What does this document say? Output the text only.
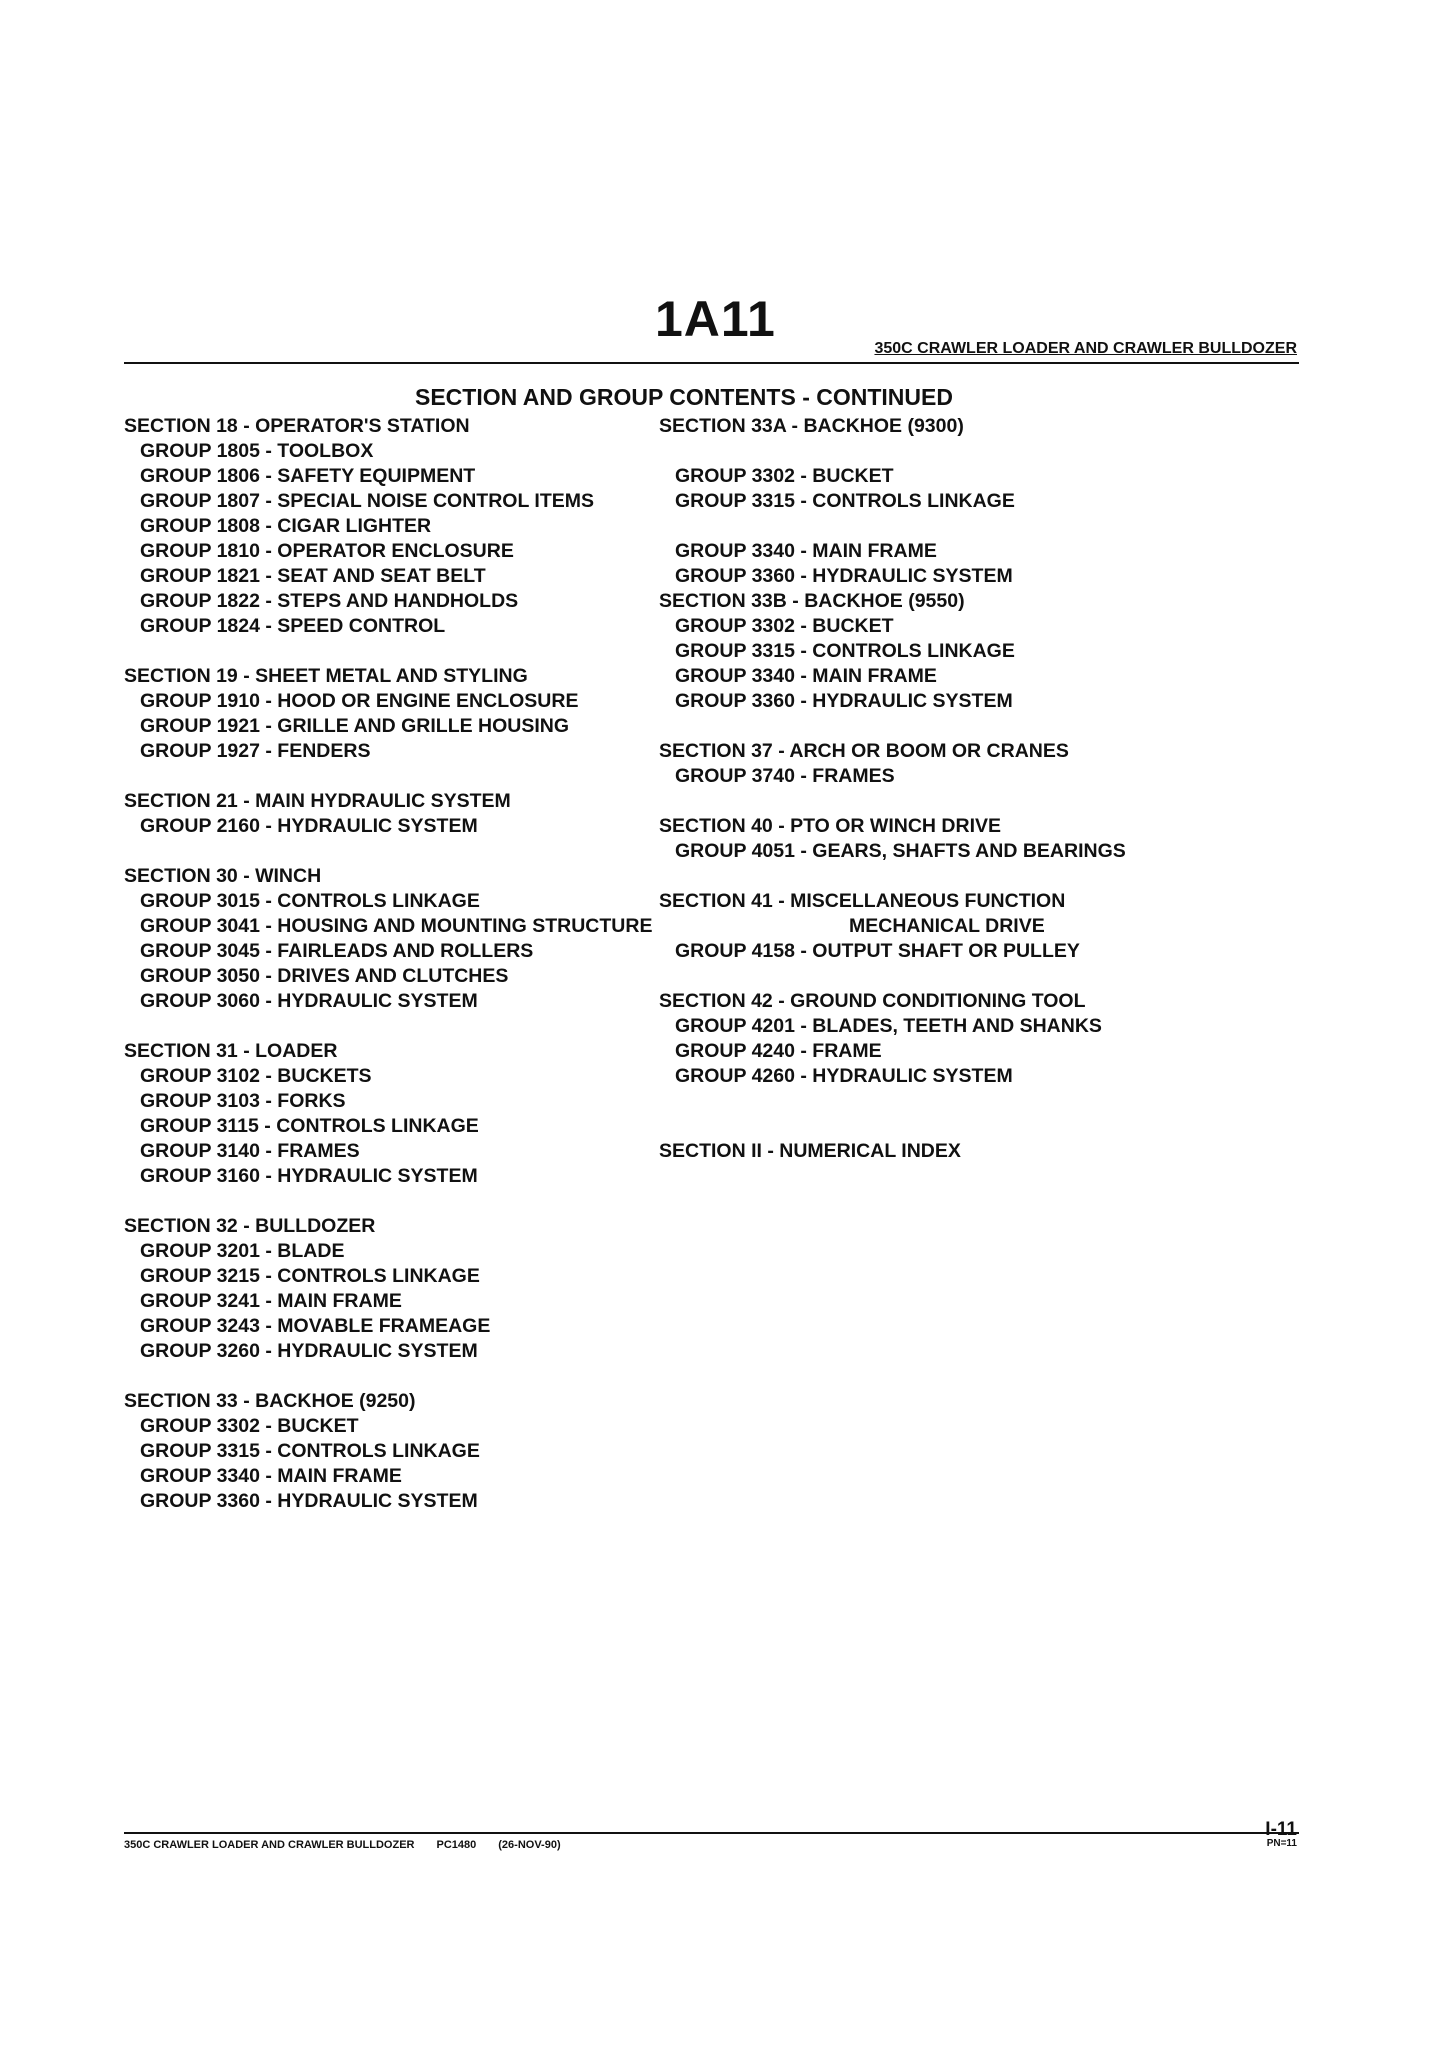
1A11
350C CRAWLER LOADER AND CRAWLER BULLDOZER
SECTION AND GROUP CONTENTS - CONTINUED
SECTION 18 - OPERATOR'S STATION
GROUP 1805 - TOOLBOX
GROUP 1806 - SAFETY EQUIPMENT
GROUP 1807 - SPECIAL NOISE CONTROL ITEMS
GROUP 1808 - CIGAR LIGHTER
GROUP 1810 - OPERATOR ENCLOSURE
GROUP 1821 - SEAT AND SEAT BELT
GROUP 1822 - STEPS AND HANDHOLDS
GROUP 1824 - SPEED CONTROL
SECTION 19 - SHEET METAL AND STYLING
GROUP 1910 - HOOD OR ENGINE ENCLOSURE
GROUP 1921 - GRILLE AND GRILLE HOUSING
GROUP 1927 - FENDERS
SECTION 21 - MAIN HYDRAULIC SYSTEM
GROUP 2160 - HYDRAULIC SYSTEM
SECTION 30 - WINCH
GROUP 3015 - CONTROLS LINKAGE
GROUP 3041 - HOUSING AND MOUNTING STRUCTURE
GROUP 3045 - FAIRLEADS AND ROLLERS
GROUP 3050 - DRIVES AND CLUTCHES
GROUP 3060 - HYDRAULIC SYSTEM
SECTION 31 - LOADER
GROUP 3102 - BUCKETS
GROUP 3103 - FORKS
GROUP 3115 - CONTROLS LINKAGE
GROUP 3140 - FRAMES
GROUP 3160 - HYDRAULIC SYSTEM
SECTION 32 - BULLDOZER
GROUP 3201 - BLADE
GROUP 3215 - CONTROLS LINKAGE
GROUP 3241 - MAIN FRAME
GROUP 3243 - MOVABLE FRAMEAGE
GROUP 3260 - HYDRAULIC SYSTEM
SECTION 33 - BACKHOE (9250)
GROUP 3302 - BUCKET
GROUP 3315 - CONTROLS LINKAGE
GROUP 3340 - MAIN FRAME
GROUP 3360 - HYDRAULIC SYSTEM
SECTION 33A - BACKHOE (9300)
GROUP 3302 - BUCKET
GROUP 3315 - CONTROLS LINKAGE
GROUP 3340 - MAIN FRAME
GROUP 3360 - HYDRAULIC SYSTEM
SECTION 33B - BACKHOE (9550)
GROUP 3302 - BUCKET
GROUP 3315 - CONTROLS LINKAGE
GROUP 3340 - MAIN FRAME
GROUP 3360 - HYDRAULIC SYSTEM
SECTION 37 - ARCH OR BOOM OR CRANES
GROUP 3740 - FRAMES
SECTION 40 - PTO OR WINCH DRIVE
GROUP 4051 - GEARS, SHAFTS AND BEARINGS
SECTION 41 - MISCELLANEOUS FUNCTION
MECHANICAL DRIVE
GROUP 4158 - OUTPUT SHAFT OR PULLEY
SECTION 42 - GROUND CONDITIONING TOOL
GROUP 4201 - BLADES, TEETH AND SHANKS
GROUP 4240 - FRAME
GROUP 4260 - HYDRAULIC SYSTEM
SECTION II - NUMERICAL INDEX
350C CRAWLER LOADER AND CRAWLER BULLDOZER PC1480 (26-NOV-90)
I-11
PN=11
